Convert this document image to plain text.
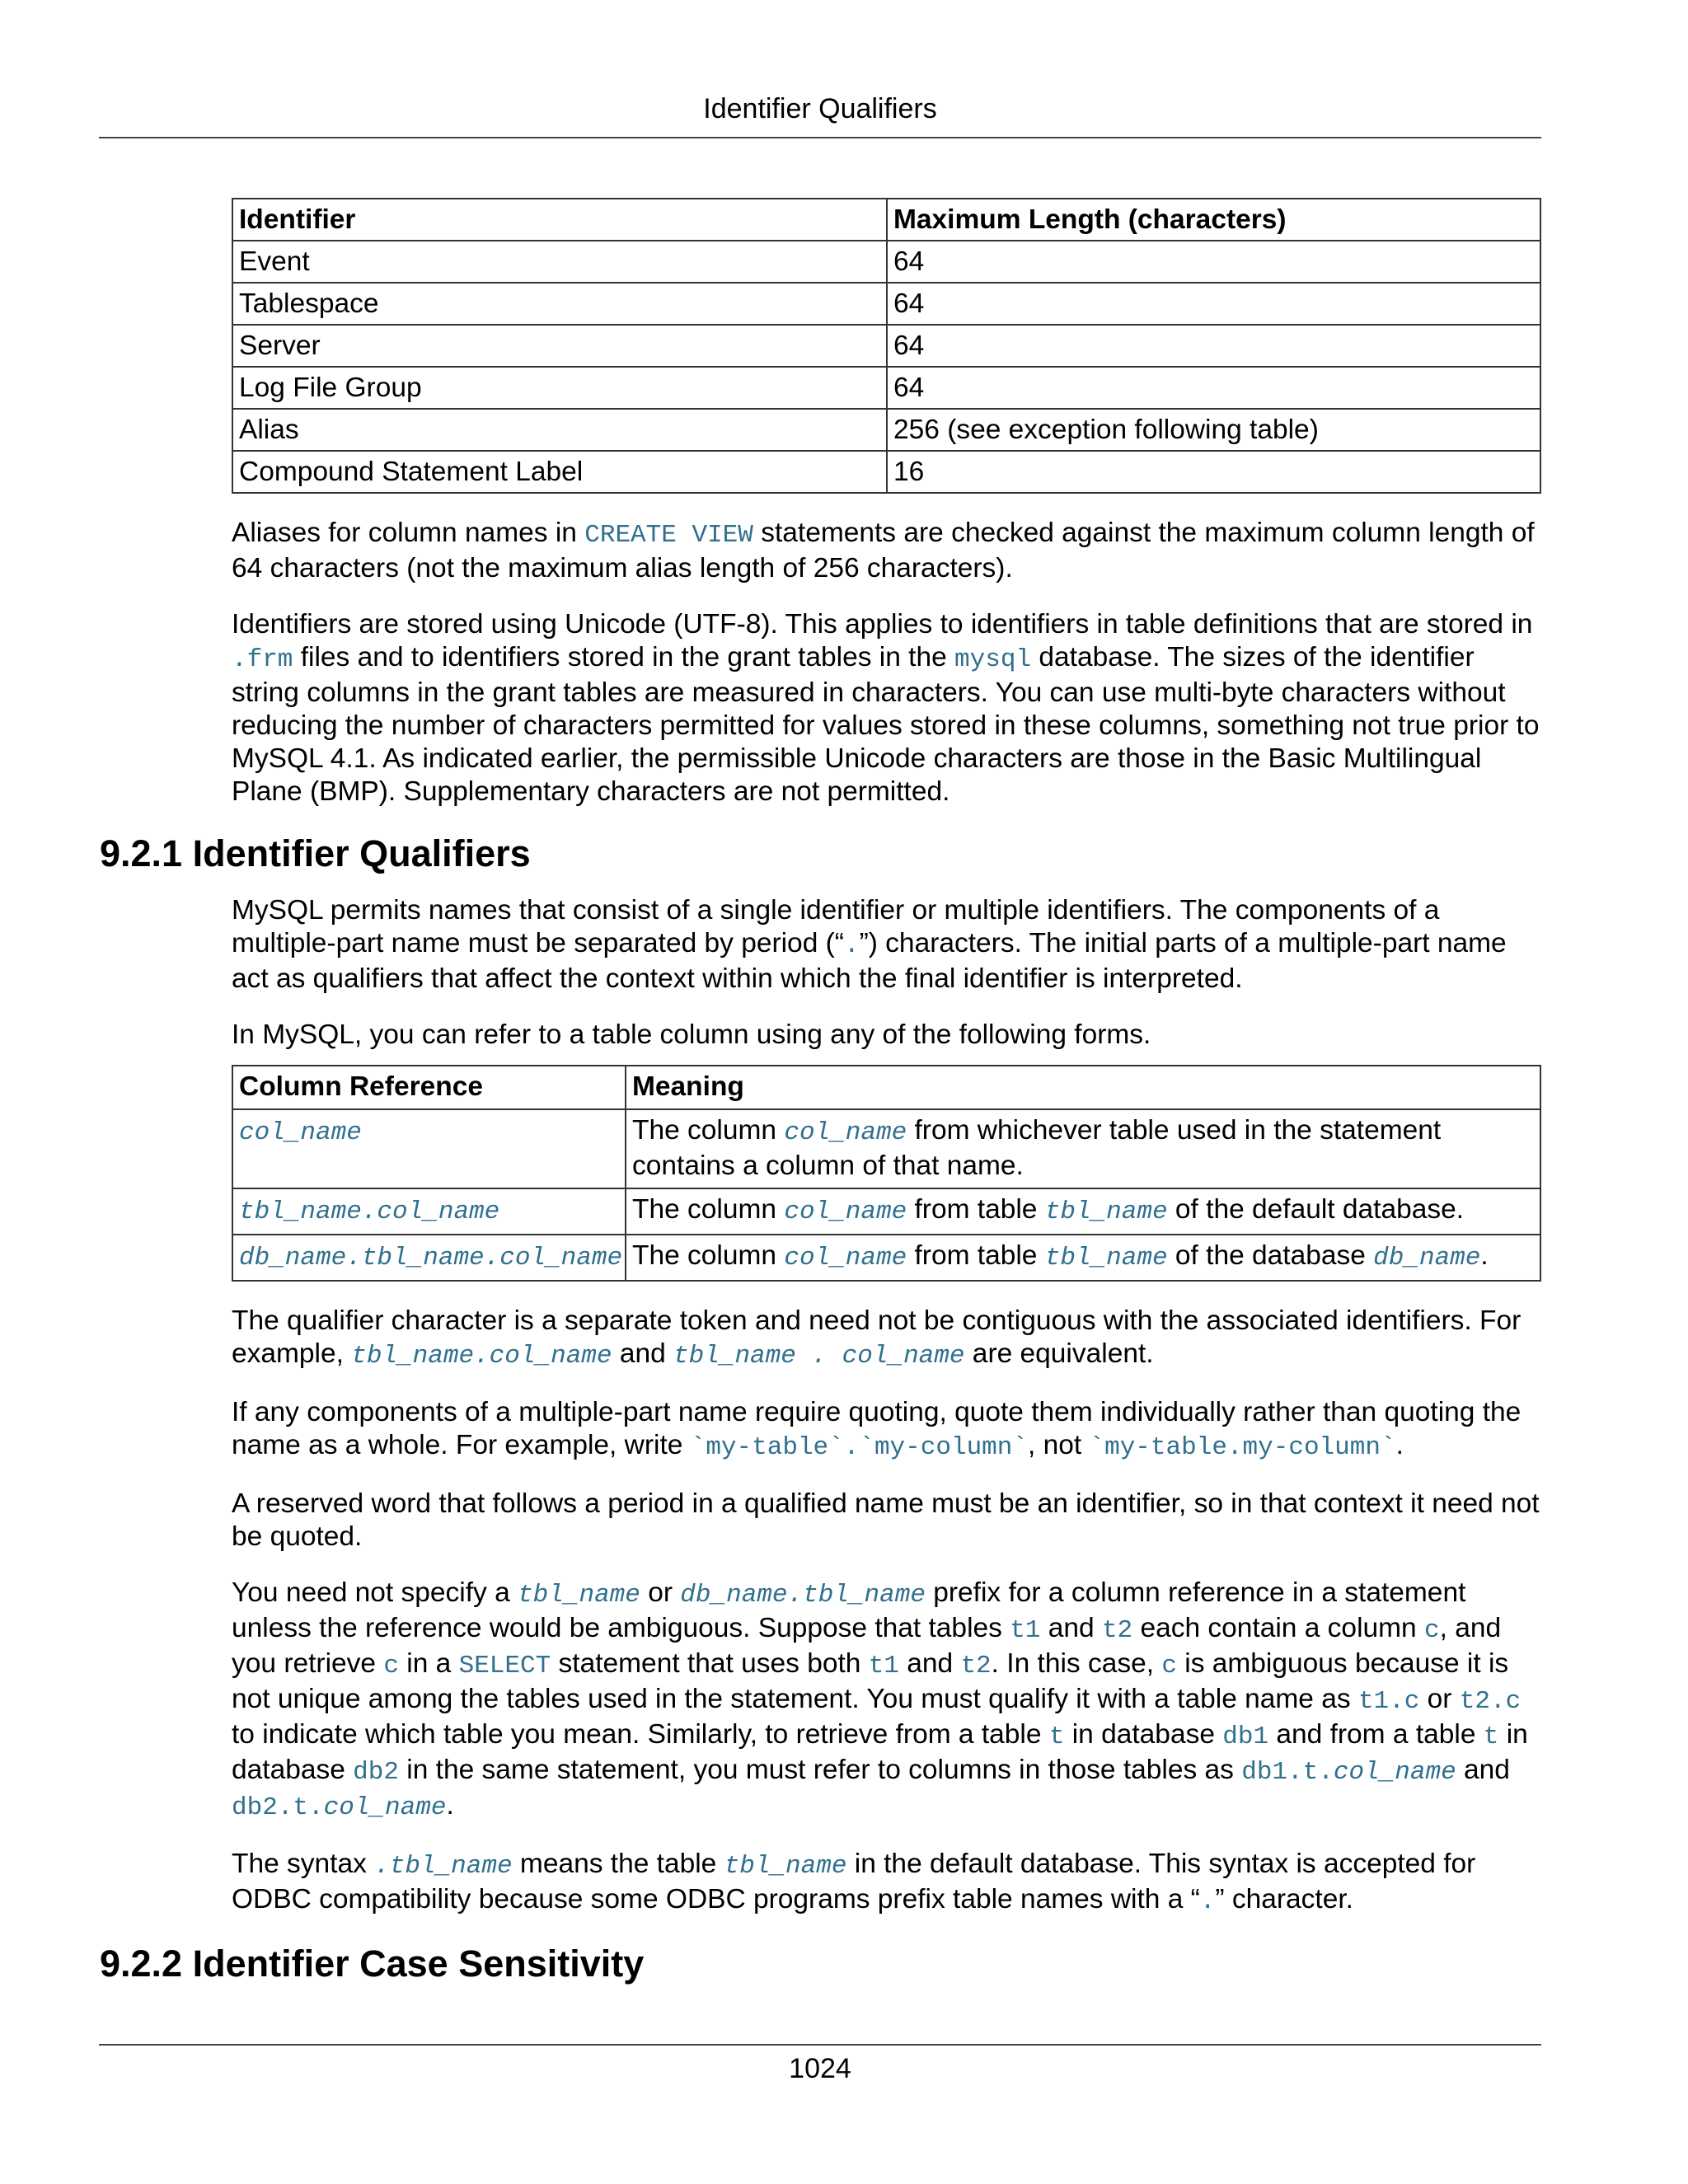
Identifier Qualifiers
Identifier	Maximum Length (characters)
Event	64
Tablespace	64
Server	64
Log File Group	64
Alias	256 (see exception following table)
Compound Statement Label	16

Aliases for column names in CREATE VIEW statements are checked against the maximum column length of 64 characters (not the maximum alias length of 256 characters).

Identifiers are stored using Unicode (UTF-8). This applies to identifiers in table definitions that are stored in .frm files and to identifiers stored in the grant tables in the mysql database. The sizes of the identifier string columns in the grant tables are measured in characters. You can use multi-byte characters without reducing the number of characters permitted for values stored in these columns, something not true prior to MySQL 4.1. As indicated earlier, the permissible Unicode characters are those in the Basic Multilingual Plane (BMP). Supplementary characters are not permitted.

9.2.1 Identifier Qualifiers

MySQL permits names that consist of a single identifier or multiple identifiers. The components of a multiple-part name must be separated by period (“.”) characters. The initial parts of a multiple-part name act as qualifiers that affect the context within which the final identifier is interpreted.

In MySQL, you can refer to a table column using any of the following forms.

Column Reference	Meaning
col_name	The column col_name from whichever table used in the statement contains a column of that name.
tbl_name.col_name	The column col_name from table tbl_name of the default database.
db_name.tbl_name.col_name	The column col_name from table tbl_name of the database db_name.

The qualifier character is a separate token and need not be contiguous with the associated identifiers. For example, tbl_name.col_name and tbl_name . col_name are equivalent.

If any components of a multiple-part name require quoting, quote them individually rather than quoting the name as a whole. For example, write `my-table`.`my-column`, not `my-table.my-column`.

A reserved word that follows a period in a qualified name must be an identifier, so in that context it need not be quoted.

You need not specify a tbl_name or db_name.tbl_name prefix for a column reference in a statement unless the reference would be ambiguous. Suppose that tables t1 and t2 each contain a column c, and you retrieve c in a SELECT statement that uses both t1 and t2. In this case, c is ambiguous because it is not unique among the tables used in the statement. You must qualify it with a table name as t1.c or t2.c to indicate which table you mean. Similarly, to retrieve from a table t in database db1 and from a table t in database db2 in the same statement, you must refer to columns in those tables as db1.t.col_name and db2.t.col_name.

The syntax .tbl_name means the table tbl_name in the default database. This syntax is accepted for ODBC compatibility because some ODBC programs prefix table names with a “.” character.

9.2.2 Identifier Case Sensitivity
1024
